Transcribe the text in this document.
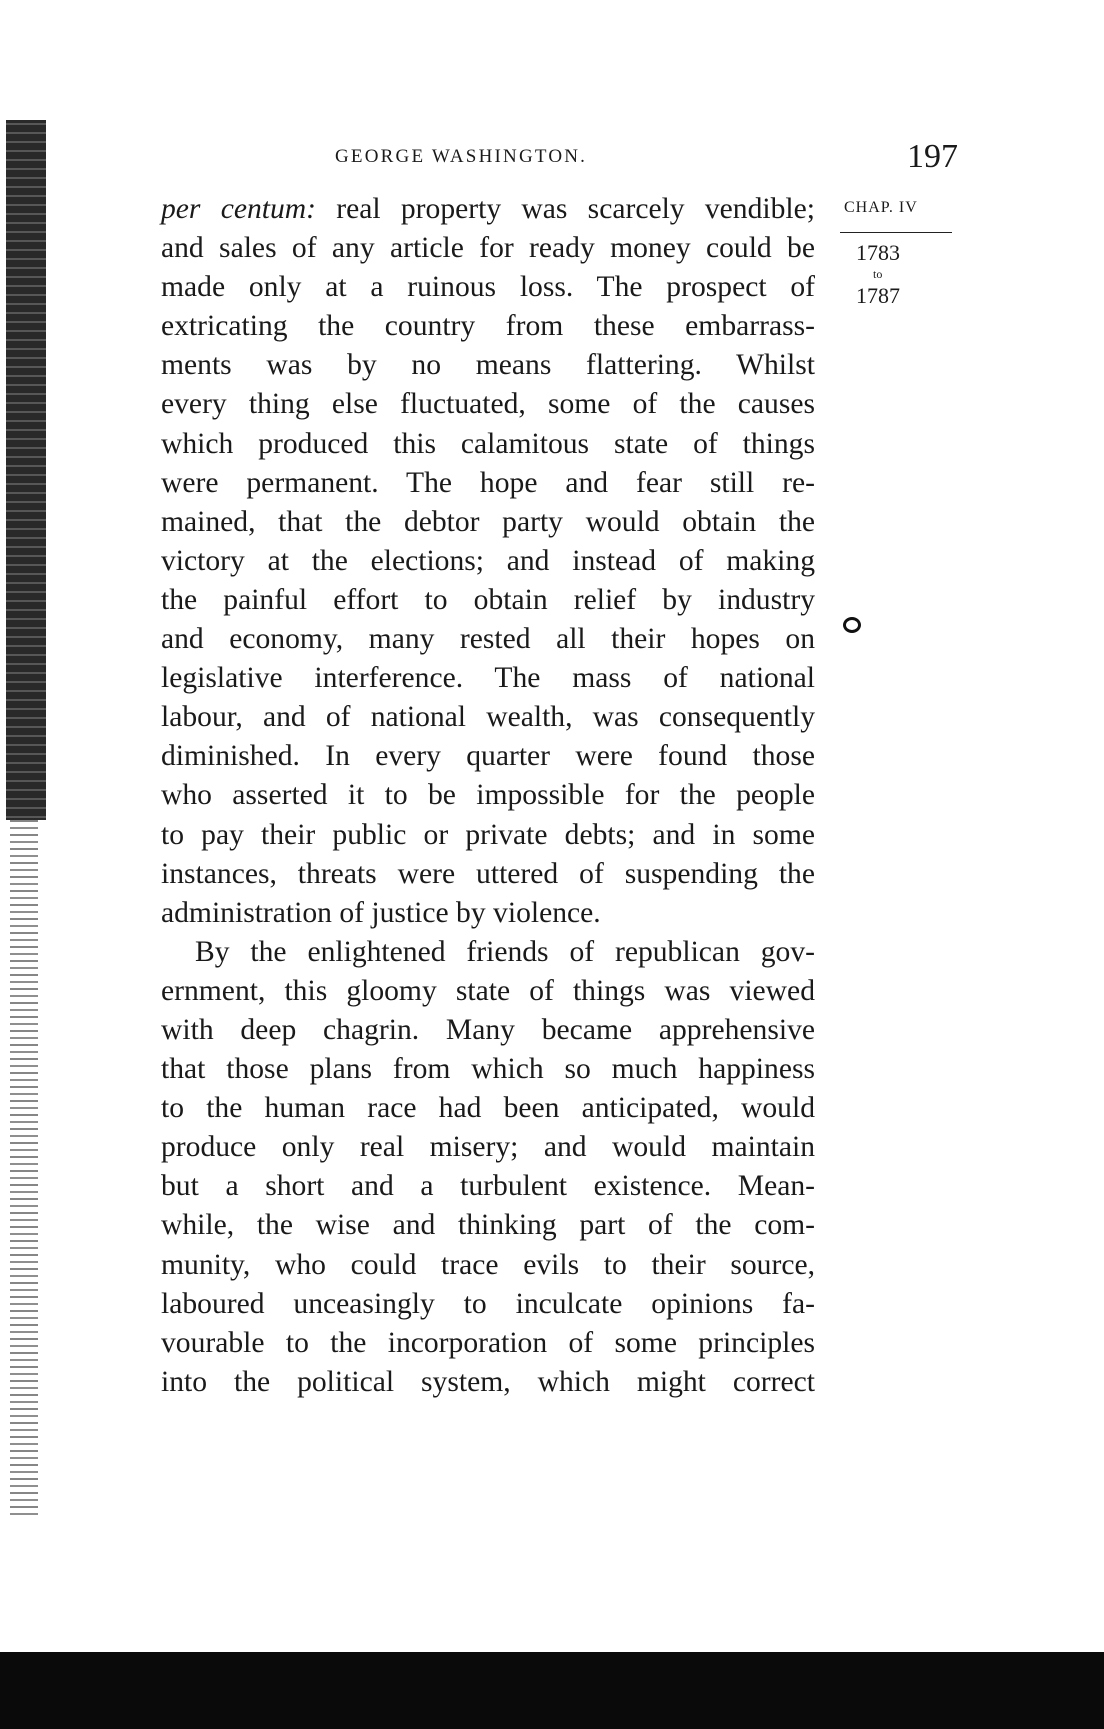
GEORGE WASHINGTON.	197
CHAP. IV
1783
to
1787
per centum: real property was scarcely vendible;
and sales of any article for ready money could be
made only at a ruinous loss. The prospect of
extricating the country from these embarrass-
ments was by no means flattering. Whilst
every thing else fluctuated, some of the causes
which produced this calamitous state of things
were permanent. The hope and fear still re-
mained, that the debtor party would obtain the
victory at the elections; and instead of making
the painful effort to obtain relief by industry
and economy, many rested all their hopes on
legislative interference. The mass of national
labour, and of national wealth, was consequently
diminished. In every quarter were found those
who asserted it to be impossible for the people
to pay their public or private debts; and in some
instances, threats were uttered of suspending the
administration of justice by violence.
By the enlightened friends of republican gov-
ernment, this gloomy state of things was viewed
with deep chagrin. Many became apprehensive
that those plans from which so much happiness
to the human race had been anticipated, would
produce only real misery; and would maintain
but a short and a turbulent existence. Mean-
while, the wise and thinking part of the com-
munity, who could trace evils to their source,
laboured unceasingly to inculcate opinions fa-
vourable to the incorporation of some principles
into the political system, which might correct
